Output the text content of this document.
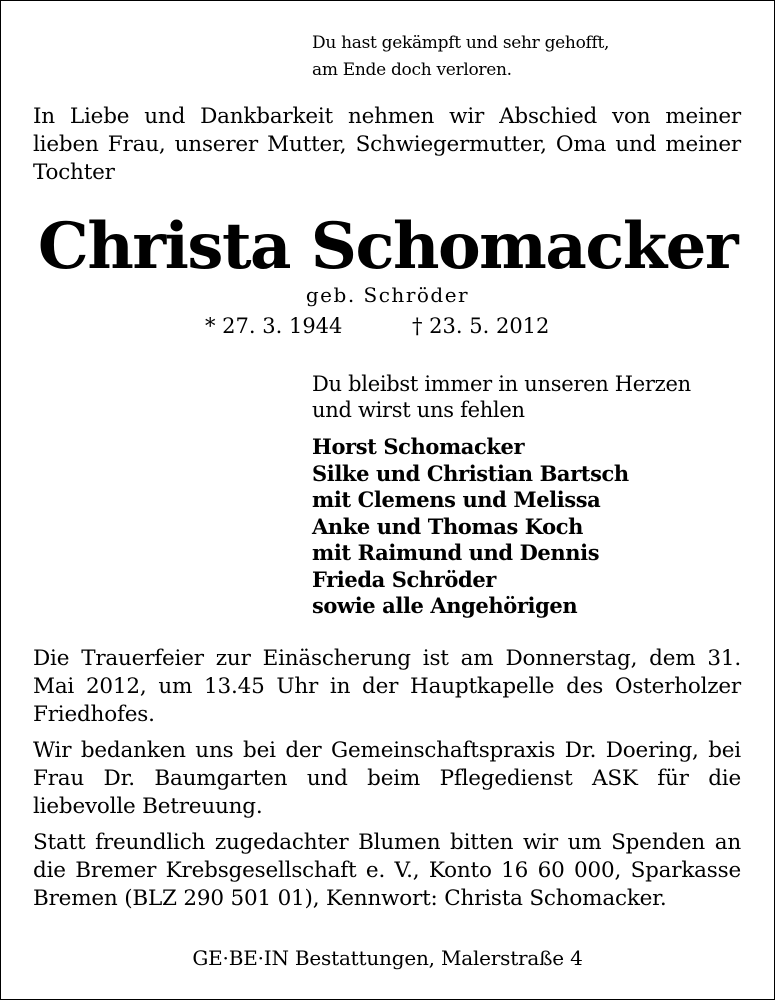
Du hast gekämpft und sehr gehofft,
am Ende doch verloren.
In Liebe und Dankbarkeit nehmen wir Abschied von meiner lieben Frau, unserer Mutter, Schwiegermutter, Oma und meiner Tochter
Christa Schomacker
geb. Schröder
* 27. 3. 1944	† 23. 5. 2012
Du bleibst immer in unseren Herzen
und wirst uns fehlen
Horst Schomacker
Silke und Christian Bartsch
mit Clemens und Melissa
Anke und Thomas Koch
mit Raimund und Dennis
Frieda Schröder
sowie alle Angehörigen
Die Trauerfeier zur Einäscherung ist am Donnerstag, dem 31. Mai 2012, um 13.45 Uhr in der Hauptkapelle des Osterholzer Friedhofes.
Wir bedanken uns bei der Gemeinschaftspraxis Dr. Doering, bei Frau Dr. Baumgarten und beim Pflegedienst ASK für die liebevolle Betreuung.
Statt freundlich zugedachter Blumen bitten wir um Spenden an die Bremer Krebsgesellschaft e. V., Konto 16 60 000, Sparkasse Bremen (BLZ 290 501 01), Kennwort: Christa Schomacker.
GE·BE·IN Bestattungen, Malerstraße 4
